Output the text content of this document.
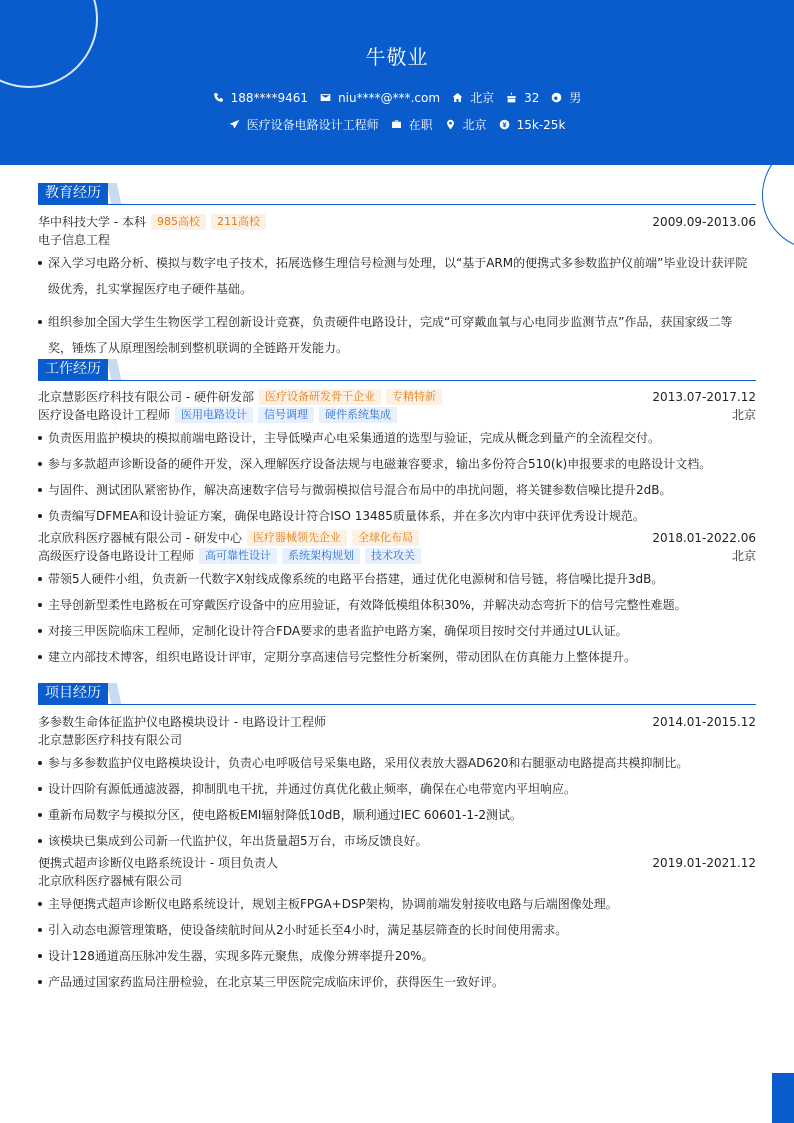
牛敬业
188****9461	niu****@***.com	北京	32	男
医疗设备电路设计工程师	在职	北京	15k-25k
教育经历
华中科技大学 - 本科	985高校	211高校	2009.09-2013.06
电子信息工程
深入学习电路分析、模拟与数字电子技术，拓展选修生理信号检测与处理，以“基于ARM的便携式多参数监护仪前端”毕业设计获评院级优秀，扎实掌握医疗电子硬件基础。
组织参加全国大学生生物医学工程创新设计竞赛，负责硬件电路设计，完成“可穿戴血氧与心电同步监测节点”作品，获国家级二等奖，锤炼了从原理图绘制到整机联调的全链路开发能力。
工作经历
北京慧影医疗科技有限公司 - 硬件研发部	医疗设备研发骨干企业	专精特新	2013.07-2017.12
医疗设备电路设计工程师	医用电路设计	信号调理	硬件系统集成	北京
负责医用监护模块的模拟前端电路设计，主导低噪声心电采集通道的选型与验证，完成从概念到量产的全流程交付。
参与多款超声诊断设备的硬件开发，深入理解医疗设备法规与电磁兼容要求，输出多份符合510(k)申报要求的电路设计文档。
与固件、测试团队紧密协作，解决高速数字信号与微弱模拟信号混合布局中的串扰问题，将关键参数信噪比提升2dB。
负责编写DFMEA和设计验证方案，确保电路设计符合ISO 13485质量体系，并在多次内审中获评优秀设计规范。
北京欣科医疗器械有限公司 - 研发中心	医疗器械领先企业	全球化布局	2018.01-2022.06
高级医疗设备电路设计工程师	高可靠性设计	系统架构规划	技术攻关	北京
带领5人硬件小组，负责新一代数字X射线成像系统的电路平台搭建，通过优化电源树和信号链，将信噪比提升3dB。
主导创新型柔性电路板在可穿戴医疗设备中的应用验证，有效降低模组体积30%，并解决动态弯折下的信号完整性难题。
对接三甲医院临床工程师，定制化设计符合FDA要求的患者监护电路方案，确保项目按时交付并通过UL认证。
建立内部技术博客，组织电路设计评审，定期分享高速信号完整性分析案例，带动团队在仿真能力上整体提升。
项目经历
多参数生命体征监护仪电路模块设计 - 电路设计工程师	2014.01-2015.12
北京慧影医疗科技有限公司
参与多参数监护仪电路模块设计，负责心电呼吸信号采集电路，采用仪表放大器AD620和右腿驱动电路提高共模抑制比。
设计四阶有源低通滤波器，抑制肌电干扰，并通过仿真优化截止频率，确保在心电带宽内平坦响应。
重新布局数字与模拟分区，使电路板EMI辐射降低10dB，顺利通过IEC 60601-1-2测试。
该模块已集成到公司新一代监护仪，年出货量超5万台，市场反馈良好。
便携式超声诊断仪电路系统设计 - 项目负责人	2019.01-2021.12
北京欣科医疗器械有限公司
主导便携式超声诊断仪电路系统设计，规划主板FPGA+DSP架构，协调前端发射接收电路与后端图像处理。
引入动态电源管理策略，使设备续航时间从2小时延长至4小时，满足基层筛查的长时间使用需求。
设计128通道高压脉冲发生器，实现多阵元聚焦，成像分辨率提升20%。
产品通过国家药监局注册检验，在北京某三甲医院完成临床评价，获得医生一致好评。
